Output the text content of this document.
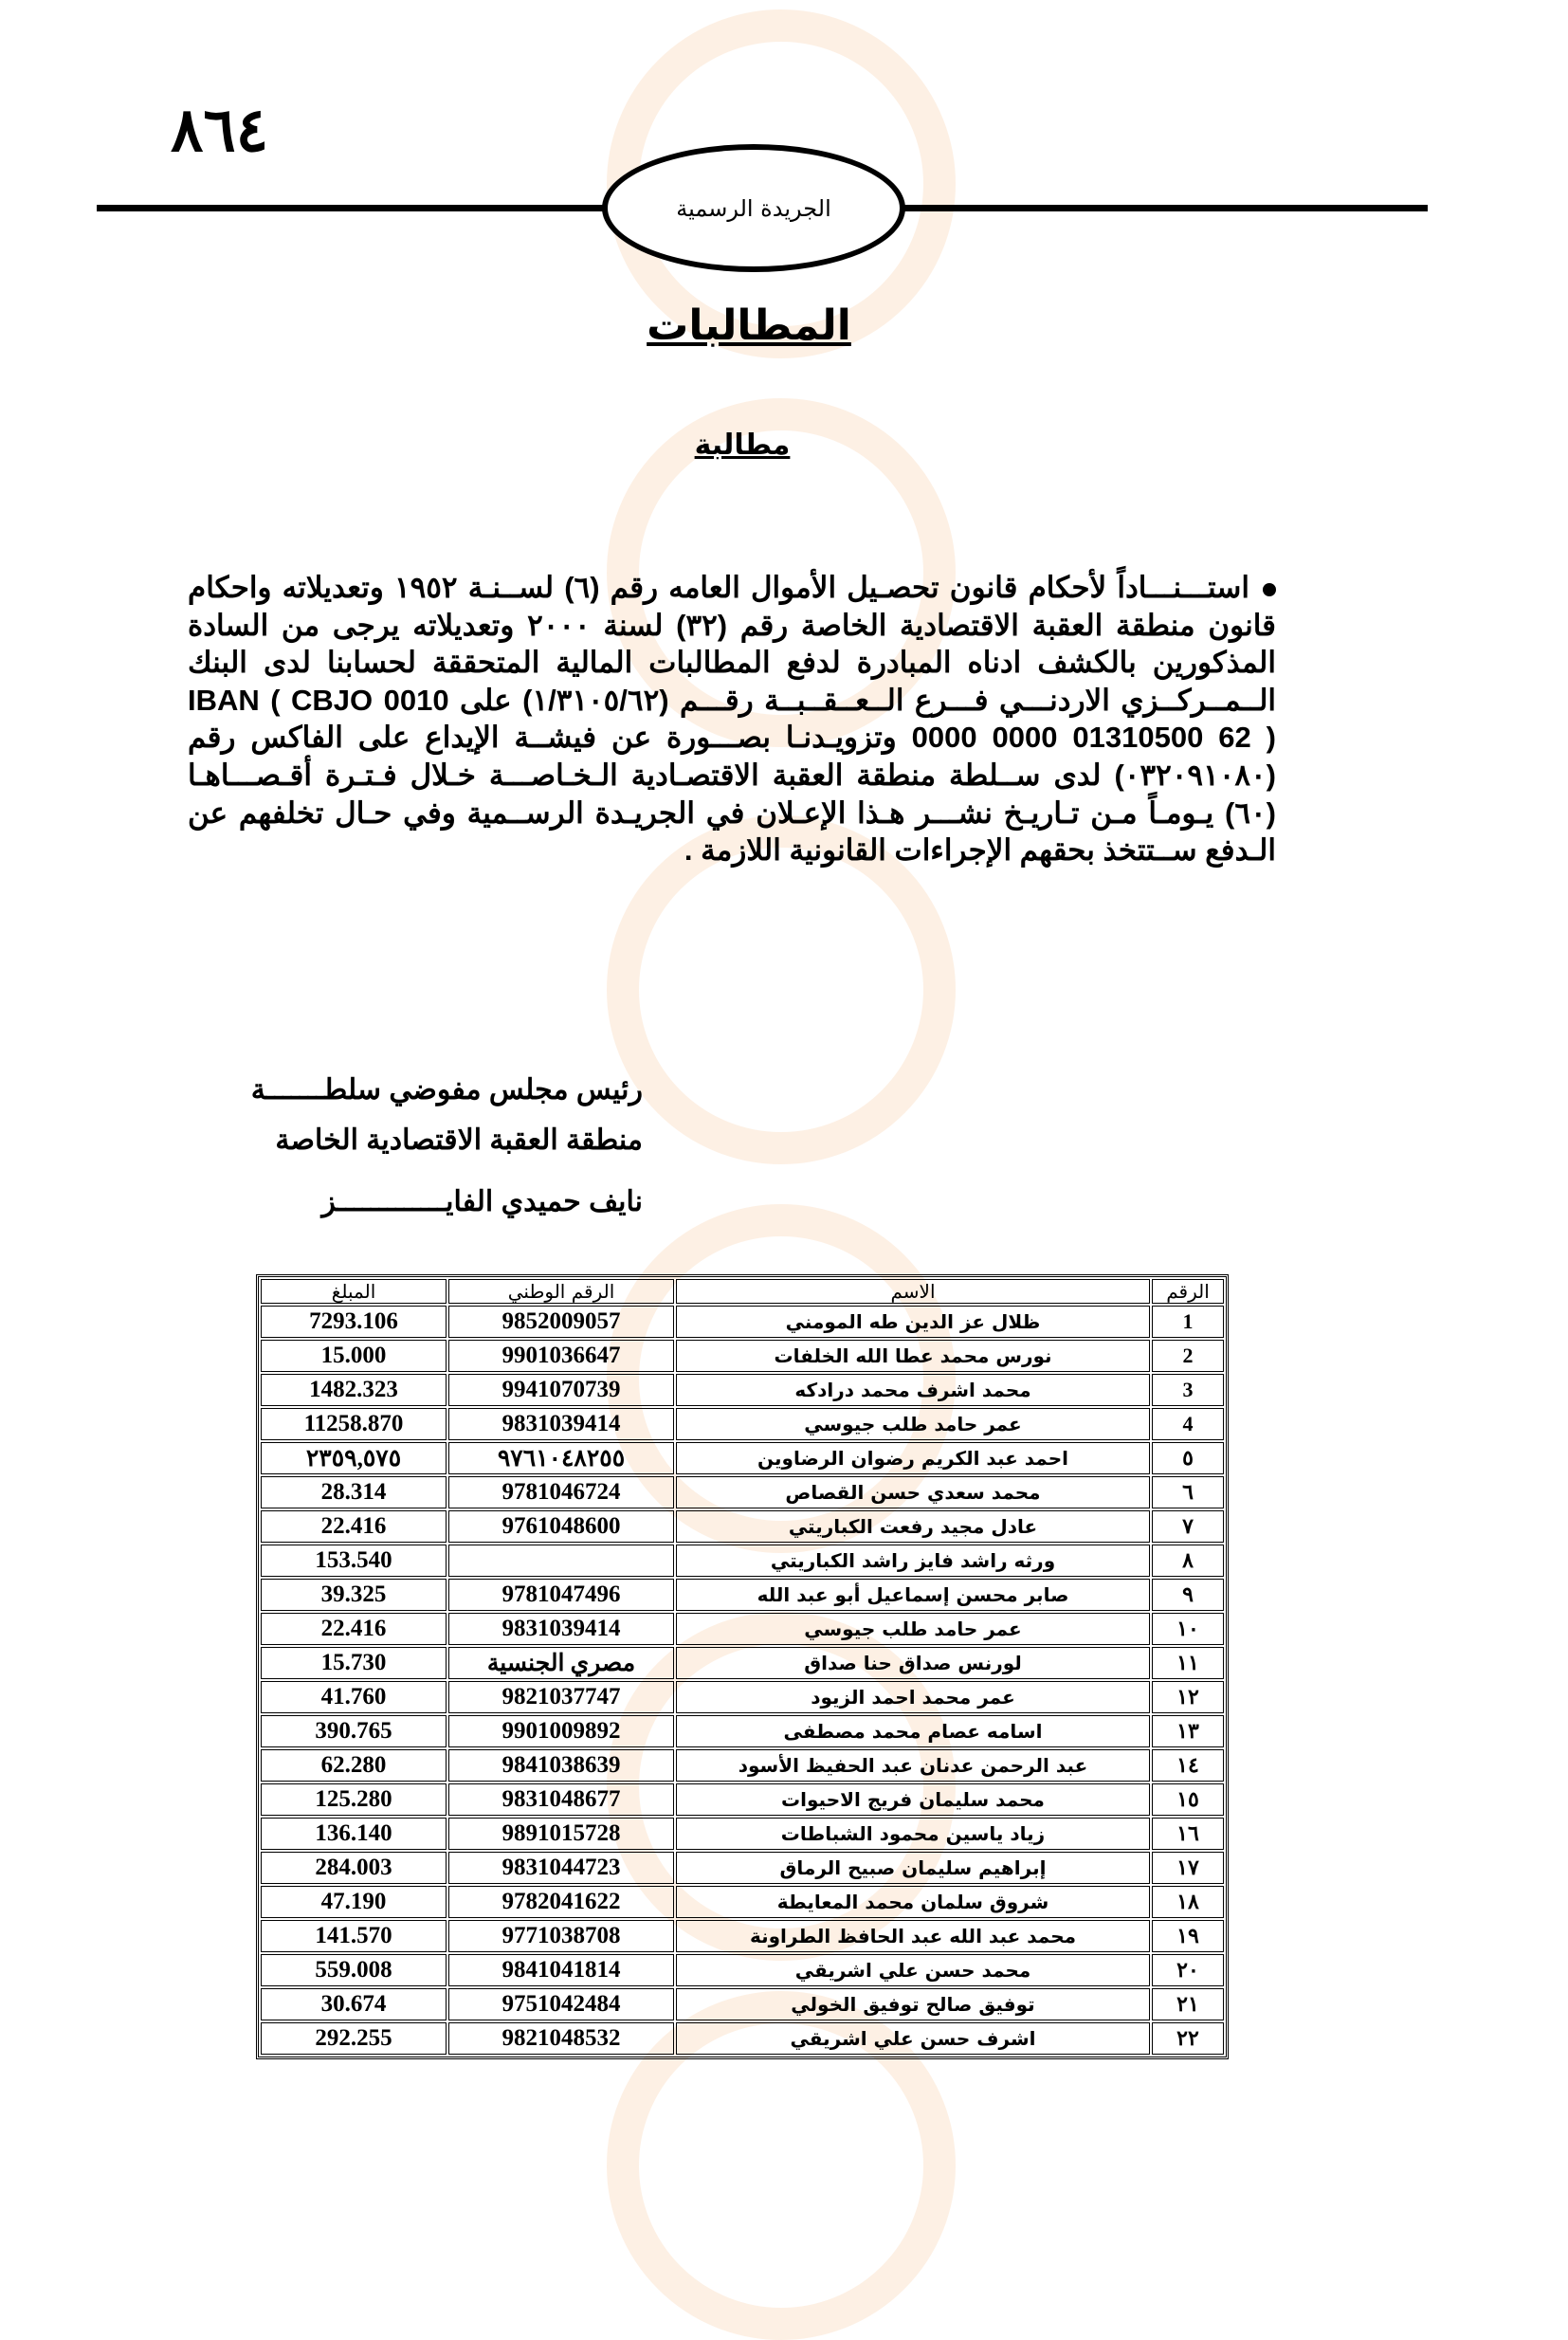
٨٦٤
الجريدة الرسمية
المطالبات
مطالبة
استـــنـــاداً لأحكام قانون تحصـيل الأموال العامه رقم (٦) لســنـة ١٩٥٢ وتعديلاته واحكام قانون منطقة العقبة الاقتصادية الخاصة رقم (٣٢) لسنة ٢٠٠٠ وتعديلاته يرجى من السادة المذكورين بالكشف ادناه المبادرة لدفع المطالبات المالية المتحققة لحسابنا لدى البنك الــمــركــزي الاردنـــي فـــرع الــعــقــبــة رقـــم (١/٣١٠٥/٦٢) على IBAN ( CBJO 0010 0000 0000 01310500 62 ) وتزويـدنـا بصـــورة عن فيشــة الإيداع على الفاكس رقم (٠٣٢٠٩١٠٨٠) لدى ســلطة منطقة العقبة الاقتصـادية الـخـاصـــة خـلال فـتـرة أقـصـــاهـا (٦٠) يـومـاً مـن تـاريـخ نشـــر هـذا الإعـلان في الجريـدة الرســمية وفي حـال تخلفهم عن الـدفع ســتتخذ بحقهم الإجراءات القانونية اللازمة .
رئيس مجلس مفوضي سلطـــــــة
منطقة العقبة الاقتصادية الخاصة
نايف حميدي الفايـــــــــــــز
الرقم	الاسم	الرقم الوطني	المبلغ
1	ظلال عز الدين طه المومني	9852009057	7293.106
2	نورس محمد عطا الله الخلفات	9901036647	15.000
3	محمد اشرف محمد درادكه	9941070739	1482.323
4	عمر حامد طلب جيوسي	9831039414	11258.870
٥	احمد عبد الكريم رضوان الرضاوين	٩٧٦١٠٤٨٢٥٥	٢٣٥٩,٥٧٥
٦	محمد سعدي حسن القصاص	9781046724	28.314
٧	عادل مجيد رفعت الكباريتي	9761048600	22.416
٨	ورثه راشد فايز راشد الكباريتي		153.540
٩	صابر محسن إسماعيل أبو عبد الله	9781047496	39.325
١٠	عمر حامد طلب جيوسي	9831039414	22.416
١١	لورنس صداق حنا صداق	مصري الجنسية	15.730
١٢	عمر محمد احمد الزيود	9821037747	41.760
١٣	اسامه عصام محمد مصطفى	9901009892	390.765
١٤	عبد الرحمن عدنان عبد الحفيظ الأسود	9841038639	62.280
١٥	محمد سليمان فريج الاحيوات	9831048677	125.280
١٦	زياد ياسين محمود الشباطات	9891015728	136.140
١٧	إبراهيم سليمان صبيح الرماق	9831044723	284.003
١٨	شروق سلمان محمد المعايطة	9782041622	47.190
١٩	محمد عبد الله عبد الحافظ الطراونة	9771038708	141.570
٢٠	محمد حسن علي اشريقي	9841041814	559.008
٢١	توفيق صالح توفيق الخولي	9751042484	30.674
٢٢	اشرف حسن علي اشريقي	9821048532	292.255
